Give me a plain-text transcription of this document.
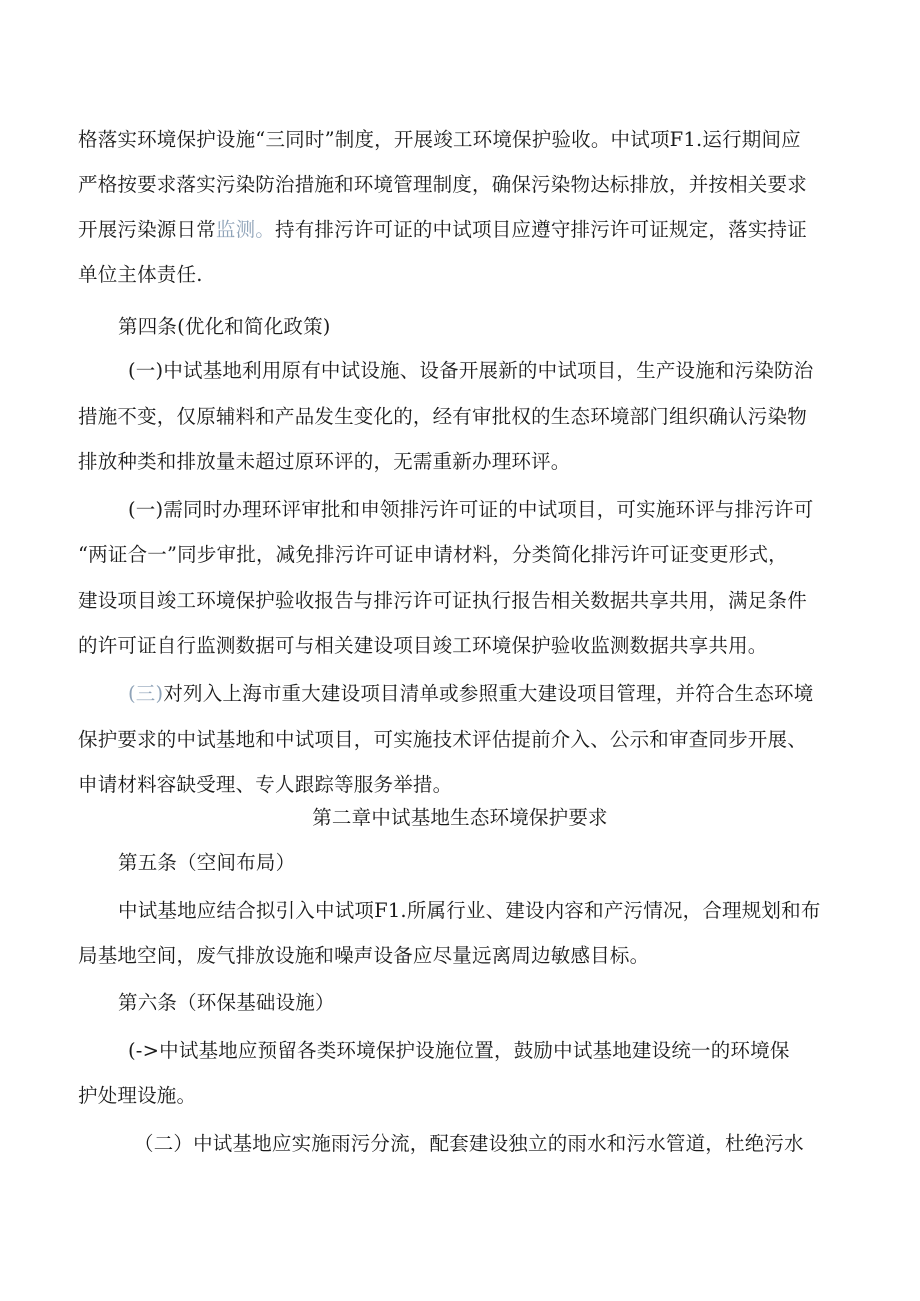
格落实环境保护设施“三同时”制度，开展竣工环境保护验收。中试项F1.运行期间应
严格按要求落实污染防治措施和环境管理制度，确保污染物达标排放，并按相关要求
开展污染源日常监测。持有排污许可证的中试项目应遵守排污许可证规定，落实持证
单位主体责任.
第四条(优化和简化政策)
(一)中试基地利用原有中试设施、设备开展新的中试项目，生产设施和污染防治
措施不变，仅原辅料和产品发生变化的，经有审批权的生态环境部门组织确认污染物
排放种类和排放量未超过原环评的，无需重新办理环评。
(一)需同时办理环评审批和申领排污许可证的中试项目，可实施环评与排污许可
“两证合一”同步审批，减免排污许可证申请材料，分类简化排污许可证变更形式，
建设项目竣工环境保护验收报告与排污许可证执行报告相关数据共享共用，满足条件
的许可证自行监测数据可与相关建设项目竣工环境保护验收监测数据共享共用。
(三)对列入上海市重大建设项目清单或参照重大建设项目管理，并符合生态环境
保护要求的中试基地和中试项目，可实施技术评估提前介入、公示和审查同步开展、
申请材料容缺受理、专人跟踪等服务举措。
第二章中试基地生态环境保护要求
第五条（空间布局）
中试基地应结合拟引入中试项F1.所属行业、建设内容和产污情况，合理规划和布
局基地空间，废气排放设施和噪声设备应尽量远离周边敏感目标。
第六条（环保基础设施）
(->中试基地应预留各类环境保护设施位置，鼓励中试基地建设统一的环境保
护处理设施。
（二）中试基地应实施雨污分流，配套建设独立的雨水和污水管道，杜绝污水
